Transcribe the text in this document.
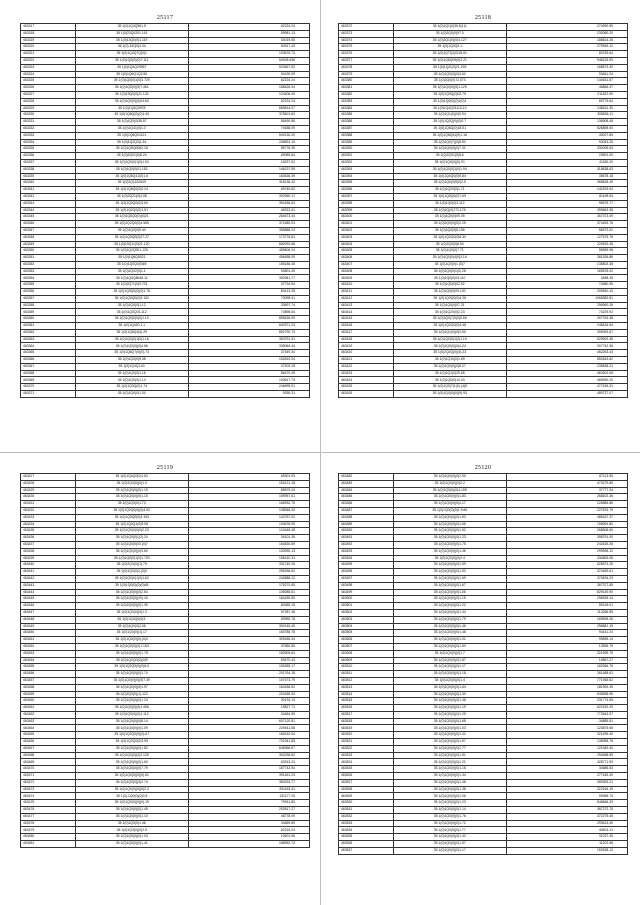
25117
463317	35 1(0)1Q4Q561.5	62224.24
463318	35 1(0)23Q0201.119	59981.13
463319	35 1(0)13Q0(0)1.119	34019.55
463320	35 1(0)-15Q0(4.34	54917.43
463321	35 1(0)1Q4Q7Q(0)1	103676.73
463322	35 1(0)1Q0(0)(0)7.111	54928.636
463323	35 1(0)1Q4Q29967	523467.52
463324	35 1(0)1Q6Q1Q2.50	94190.09
463325	35 1(0)1Q0(0)1(0)3.729	62224.24
463326	35 1(0)1Q0(0)(0)7.461	168426.34
463327	35 1(0)19Q0(0)21.132	124406.40
463328	35 1(0)1Q0(0)(0)04.60	62224.24
463329	35 1(0)1Q4Q0978	659814.07
463330	35 1(0)1Q6Q(0)(0)1.40	375601.60
463331	35 1(0)1Q0(0)38.57	56490.86
463332	35 1(0)1Q41(0)1.0	74638.09
463333	35 1(0)1Q6Q01121	540130.20
463334	35 1(0)1Q2Q0(1.61	245691.10
463335	35 1(0)1Q6Q0062.18	89776.39
463336	35 1(0)2Q01(0)8.24	69089.64
463337	35 1(0)1Q0(0)1(0)1.94	18237.02
463338	35 1(0)1Q0(0)01.153	146237.59
463339	35 1(0)1Q6Q41(0)1.6	160626.39
463340	35 1(0)2Q1102649	315136.42
463341	35 1(0)1Q6Q0(0)2.24	69749.62
463342	35 1(0)2Q21(0)4.08	392960.17
463343	35 1(0)1Q0Q0(0)3.60	394186.63
463344	35 1(0)1Q2Q0(0)1.51	46322.61
463345	35 1(0)1Q6Q0(0)(0)21	284673.34
463346	35 1(0)1Q2Q0(0)4.565	371680.03
463347	35 1(0)1Q0(0)9.40	359888.23
463348	35 1(0)1Q0Q0(0)27.27	173776.81
463349	35 1(0)19Q11(0)21.120	682093.68
463350	35 1(0)1Q2Q901.125	489606.24
463351	35 1(0)1Q6Q9021	496458.09
463352	35 1(0)1Q0Q0(0)69	156186.45
463353	35 1(0)2Q02(0)1.1	94801.40
463354	35 1(0)1Q3Q8646.11	392941.77
463355	35 1(0)2Q71(0)0.701	37734.54
463356	35 1(0)1Q3Q0(0)(0)1.76	84413.35
463357	35 1(0)1Q0Q0(0)9.152	73098.41
463358	35 1(0)1Q0(0)1.12	33697.74
463359	35 1(0)1Q0Q01.112	74898.64
463360	35 1(0)1Q0(0)0(0)1.10	895436.09
463361	35 1(0)1Q420.1.1	640371.24
463362	35 1(0)1Q6Q4(4).29	852790.73
463363	35 1(0)1Q0(0)1(0)1.16	353791.31
463364	35 1(0)1Q0(0)(0)4.66	339064.44
463365	35 1(0)1Q6Q7(0)(0).73	37449.34
463366	35 1(0)1Q0(0)9.38	152810.24
463367	35 1(0)1Q4Q1.61	37403.25
463368	35 1(0)1Q0(0)1.16	86470.49
463369	35 1(0)1Q0(0)1.13	100617.73
463370	35 1(0)1Q3Q(0)1.74	246695.91
463371	35 1(0)1Q0(0)1.04	9395.31
25118
463372	35 1(0)1Q1(0)36.5(1)1	274990.59
463373	35 1(0)2Q0(0)97.3	230080.20
463374	35 1(0)2Q1(0)(0)4.127	188624.26
463375	35 1(0)1Q4Q4.1	279945.12
463376	35 1(0)1Q7Q1(0)18.51	83753.64
463377	35 1(0)1Q6Q09(0)2.21	948125.09
463378	35 1(0)1Q2Q0(21.195	168573.30
463379	35 1(0)1Q0(0)(0)3.62	93641.24
463380	35 1(0)2Q0(0)72.073	144631.57
463381	35 1(0)1Q0(0)(0)1.129	46866.47
463382	35 1(0)1Q0Q(0)02.75	211822.90
463383	35 1(0)1Q0(0)(0)1(0)1	69775.64
463384	35 1(0)1Q4Q01110.10	148161.30
463385	35 1(0)1Q1(0)(0)0.94	308836.11
463386	35 1(0)1Q2Q(0)(0)0.7	136908.48
463387	35 1(0)1Q6Q(0)18.51	826898.00
463388	35 1(0)1Q6Q41(0)1.16	40027.65
463389	35 1(0)1Q0(7)(0)8.52	93043.25
463390	35 1(0)1Q0(0)(0)7.01	332005.63
463391	35 1(0)2Q01(0)8.6	23591.00
463392	35 1(0)1Q0(0)(0).91	41180.20
463393	35 1(0)1Q0(0)1(0)1.94	315638.63
463394	35 1(0)1Q4Q0(0)9.84	35678.18
463395	35 1(0)1Q0(0)9(0)2.9	365828.49
463396	35 1(0)1Q20(0)1.71	141876.94
463397	35 1(0)1Q0Q0(0)7.69	81198.54
463398	35 1(0)1Q0(0)3.112	96975.77
463399	35 1(0)2Q(0)272.175	399663.38
463400	35 1(0)1Q0(0)09.05	367373.09
463401	35 1(0)2Q0(0)(0)2.25	374453.76
463402	35 1(0)1Q0(0)8.106	56973.02
463403	35 1(0)1Q2Q0(0)6.30	127575.76
463404	35 1(0)2Q0(0)8.94	220533.36
463405	35 1(0)1Q0(0)7.71	55559.98
463406	35 1(0)1Q0(0)4(0)3.16	361526.86
463407	35 1(0)1Q0(0)1.(0)7	135803.38
463408	35 1(0)1Q0(0)1(0).28	169678.02
463409	35 1(0)1Q0(0)03.110	3488.35
463410	35 1(0)1Q0(0)02.52	74680.96
463411	35 1(0)1Q0(0)09.130	209540.10
463412	35 1(0)1Q0Q0(0)4.26	1065982.81
463413	35 1(0)1Q0(0)07.31	296960.26
463414	35 1(0)1Q20(0)2.23	74229.92
463415	35 1(0)1Q0(7)0(0)0.66	307763.38
463416	35 1(0)1Q2Q0(0)4.48	248434.54
463417	35 1(0)1Q1(0)(0)3.50	395393.67
463418	35 1(0)1Q0(0)1(0)1.19	529902.36
463419	35 1(0)1Q0(0)(0)4.24	307742.36
463420	35 1(0)2Q2Q(0)(4).23	462263.43
463421	35 1(0)1Q10(0)1.69	852643.62
463422	35 1(0)1Q0(0)(0)8.27	235838.21
463423	35 1(0)1Q1(0)29.65	462602.08
463424	35 1(0)1Q0(0)10.03	469930.20
463425	35 1(0)1Q0(7)1(0).(4)5	477426.31
463426	35 1(0)1Q0(0)(0)(9).93	489727.07
25119
463427	35 1(0)1Q4Q0(0)1.62	65301.93
463428	35 1(0)2Q0(0)(0)1.0	154121.18
463429	35 1(0)1Q0(0)(0)1.15	85579.24
463430	35 1(0)1Q0(0)(0)1.15	159957.61
463431	35 1(0)1Q0(0)1.73	166932.75
463432	35 1(0)1Q2Q0(0)(0)4.92	138548.32
463433	35 1(0)1Q0Q0(0)3.153	142757.02
463434	35 1(0)1Q0Q1(0)9.08	103678.59
463435	35 1(0)1Q0(0)0(0)2.20	124448.48
463436	35 1(0)1Q0(0)1(2).24	34101.35
463437	35 1(0)1Q0(0)03.(0)7	164630.69
463438	35 1(0)1Q0(0)(0)3.60	130930.13
463439	35 1(0)1Q0(0)1(0)1.700	196410.31
463440	35 1(0)2Q0(0)(1).79	331740.25
463441	35 1(0)1Q0(0)2.(0)0	296258.62
463442	35 1(0)1Q0(0)1(0)1.62	242686.12
463443	35 1(0)1Q0(0)(0)(0)48	175270.65
463444	35 1(0)1Q0(0)(0)2.64	105085.61
463445	35 1(0)1Q0(0)(20).16	164189.50
463446	35 1(0)2Q0(0)(0)1.39	84365.15
463447	35 1(0)1Q0(0)(0)1.3	57287.48
463448	35 1(0)1Q4Q0(0)3.	59950.78
463449	35 1(0)1Q0(0)2.06	300145.49
463450	35 1(0)1Q0(0)(1).17	160786.78
463451	35 1(0)1Q0(0)(0).(0)2	309185.34
463452	35 1(0)1Q0(0)(0)1.153	37550.85
463453	35 1(0)1Q0(0)(0)1.78	183909.64
463454	35 1(0)1Q2Q0(0)(0)9	53470.43
463455	35 1(0)1Q2Q9(0)(0)6.0	196355.17
463456	35 1(0)1Q0(0)(0)1.74	201764.18
463457	35 1(0)1Q0(0)(0)(0)7.49	107473.79
463458	35 1(0)1Q0(0)(0)1.97	164186.52
463459	35 1(0)2Q0(0)(1).122	204185.32
463460	35 1(0)1Q0(0)(0)1.24	30133.13
463461	35 1(0)1Q0(0)(0)1.456	19827.71
463462	35 1(0)1Q0(0)(0)1.112	34484.55
463463	35 1(0)1Q0(0)(0)8.14	607120.81
463464	35 1(0)1Q0(0)(0)1.09	229441.68
463465	35 1(0)1Q2Q0(0)(0).67	165310.04
463466	35 1(0)1Q2Q0(0)3.59	702341.85
463467	35 1(0)1Q0(0)(0)1.82	648366.67
463468	35 1(0)1Q0(0)(0)2.125	304235.82
463469	35 1(0)1Q0(0)(0)1.60	63313.24
463470	35 1(0)1Q0(0)(0)7.79	187742.54
463471	35 1(0)1Q0(0)(0)(0).61	391461.23
463472	35 1(0)1Q0(0)(0)2.74	383233.77
463473	35 1(0)1Q0(0)(0)(0)2.2	291163.41
463474	35 1(0)-1Q0(0)(0)3.5	131177.25
463475	35 1(0)1Q0(0)(0)(0).19	79511.80
463476	35 1(0)1Q0(0)(0)1.45	202817.27
463477	35 1(0)1Q0(0)(0)1.10	46778.09
463478	35 1(0)1Q0(0)1.46	34669.69
463479	35 1(0)1Q0(0)(0)2.5	62224.24
463480	35 1(0)1Q0(0)(0)1.04	10601.56
463481	35 1(0)1Q0(0)(0)1.41	168952.72
25120
463482	35 1(0)1Q0(0)(0)2.90	87113.95
463483	35 1(0)1Q0(0)(0)2.2	473279.85
463484	35 1(0)1Q0(0)(0)4.105	37777.34
463485	35 1(0)1Q0(0)(0)1.83	268402.36
463486	35 1(0)1Q0(0)(0)4.17	126885.86
463487	35 1(0)1Q0(0)(0)1.5.66	227876.79
463488	35 1(0)1Q0(0)(0)1.63	485167.37
463489	35 1(0)1Q0(0)(0)1.66	158994.80
463490	35 1(0)1Q0(0)(0)1.52	268508.60
463491	35 1(0)1Q0(0)(0)1.23	398791.00
463492	35 1(0)1Q0(0)(0)1.75	242435.26
463493	35 1(0)1Q0(0)(0)1.46	299596.12
463494	35 1(0)1Q0(0)(0)2.4	334663.08
463495	35 1(0)1Q0(0)(0)1.59	626873.26
463496	35 1(0)1Q0(0)(0)1.53	374469.61
463497	35 1(0)1Q0(0)(0)1.69	370634.23
463498	35 1(0)1Q0(0)(0)1.67	367377.85
463499	35 1(0)1Q0(0)(0)1.06	829149.90
463500	35 1(0)1Q0(0)(0)1.15	296935.14
463501	35 1(0)1Q0(0)(0)1.22	59126.01
463502	35 1(0)1Q0(0)(0)1.44	113266.89
463503	35 1(0)1Q0(0)(0)1.79	169595.26
463504	35 1(0)1Q0(0)(0)1.46	296881.15
463505	35 1(0)1Q0(0)(0)1.48	93441.24
463506	35 1(0)1Q0(0)(0)1.01	99895.14
463507	35 1(0)1Q0(0)(0)1.63	13596.79
463508	35 1(0)1Q0(0)(0)1.7	321695.75
463509	35 1(0)1Q0(0)(0)1.87	10867.27
463510	35 1(0)1Q0(0)(0)1.17	162946.79
463511	35 1(0)1Q0(0)(0)1.18	261488.61
463512	35 1(0)1Q0(0)(0)1.4	771948.62
463513	35 1(0)1Q0(0)(0)1.64	181992.45
463514	35 1(0)1Q0(0)(0)1.30	635598.96
463515	35 1(0)1Q0(0)(0)1.48	231774.65
463516	35 1(0)1Q0(0)(0)1.19	622152.29
463517	35 1(0)1Q0(0)(0)1.25	772643.57
463518	35 1(0)1Q0(0)(0)1.68	34885.81
463519	35 1(0)1Q0(0)(0)1.03	123875.65
463520	35 1(0)1Q0(0)(0)1.42	321499.40
463521	35 1(0)1Q0(0)(0)1.67	138958.76
463522	35 1(0)1Q0(0)(0)1.77	121549.40
463523	35 1(0)1Q0(0)(0)1.51	254468.95
463524	35 1(0)1Q0(0)(0)1.21	428771.59
463525	35 1(0)1Q0(0)(0)1.16	34685.83
463526	35 1(0)1Q0(0)(0)1.34	277445.40
463527	35 1(0)1Q0(0)(0)1.48	289353.21
463528	35 1(0)1Q0(0)(0)1.38	322154.19
463529	35 1(0)1Q0(0)(0)1.06	99368.74
463530	35 1(0)1Q0(0)(0)1.23	846666.33
463531	35 1(0)1Q0(0)(0)1.14	367272.78
463532	35 1(0)1Q0(0)(0)1.76	372275.45
463533	35 1(0)1Q0(0)(0)1.72	293613.49
463534	35 1(0)1Q0(0)(0)1.77	64611.11
463535	35 1(0)1Q0(0)(0)1.42	31037.49
463536	35 1(0)1Q0(0)(0)1.57	11202.98
463537	35 1(0)1Q0(0)(0)1.17	152538.12
